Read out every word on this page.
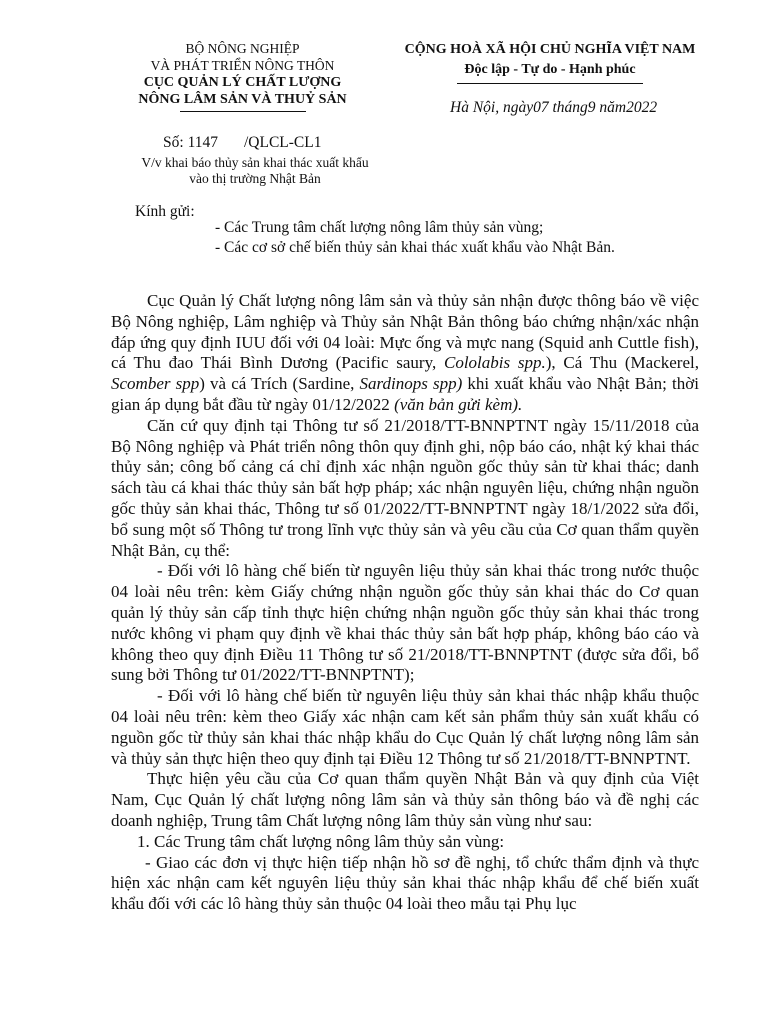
BỘ NÔNG NGHIỆP
VÀ PHÁT TRIỂN NÔNG THÔN
CỤC QUẢN LÝ CHẤT LƯỢNG
NÔNG LÂM SẢN VÀ THUỶ SẢN
CỘNG HOÀ XÃ HỘI CHỦ NGHĨA VIỆT NAM
Độc lập - Tự do - Hạnh phúc
Hà Nội, ngày07 tháng9 năm2022
Số: 1147 /QLCL-CL1
V/v khai báo thủy sản khai thác xuất khẩu
vào thị trường Nhật Bản
Kính gửi:
- Các Trung tâm chất lượng nông lâm thủy sản vùng;
- Các cơ sở chế biến thủy sản khai thác xuất khẩu vào Nhật Bản.

Cục Quản lý Chất lượng nông lâm sản và thủy sản nhận được thông báo về việc Bộ Nông nghiệp, Lâm nghiệp và Thủy sản Nhật Bản thông báo chứng nhận/xác nhận đáp ứng quy định IUU đối với 04 loài: Mực ống và mực nang (Squid anh Cuttle fish), cá Thu đao Thái Bình Dương (Pacific saury, Cololabis spp.), Cá Thu (Mackerel, Scomber spp) và cá Trích (Sardine, Sardinops spp) khi xuất khẩu vào Nhật Bản; thời gian áp dụng bắt đầu từ ngày 01/12/2022 (văn bản gửi kèm).

Căn cứ quy định tại Thông tư số 21/2018/TT-BNNPTNT ngày 15/11/2018 của Bộ Nông nghiệp và Phát triển nông thôn quy định ghi, nộp báo cáo, nhật ký khai thác thủy sản; công bố cảng cá chỉ định xác nhận nguồn gốc thủy sản từ khai thác; danh sách tàu cá khai thác thủy sản bất hợp pháp; xác nhận nguyên liệu, chứng nhận nguồn gốc thủy sản khai thác, Thông tư số 01/2022/TT-BNNPTNT ngày 18/1/2022 sửa đổi, bổ sung một số Thông tư trong lĩnh vực thủy sản và yêu cầu của Cơ quan thẩm quyền Nhật Bản, cụ thể:

- Đối với lô hàng chế biến từ nguyên liệu thủy sản khai thác trong nước thuộc 04 loài nêu trên: kèm Giấy chứng nhận nguồn gốc thủy sản khai thác do Cơ quan quản lý thủy sản cấp tỉnh thực hiện chứng nhận nguồn gốc thủy sản khai thác trong nước không vi phạm quy định về khai thác thủy sản bất hợp pháp, không báo cáo và không theo quy định Điều 11 Thông tư số 21/2018/TT-BNNPTNT (được sửa đổi, bổ sung bởi Thông tư 01/2022/TT-BNNPTNT);

- Đối với lô hàng chế biến từ nguyên liệu thủy sản khai thác nhập khẩu thuộc 04 loài nêu trên: kèm theo Giấy xác nhận cam kết sản phẩm thủy sản xuất khẩu có nguồn gốc từ thủy sản khai thác nhập khẩu do Cục Quản lý chất lượng nông lâm sản và thủy sản thực hiện theo quy định tại Điều 12 Thông tư số 21/2018/TT-BNNPTNT.

Thực hiện yêu cầu của Cơ quan thẩm quyền Nhật Bản và quy định của Việt Nam, Cục Quản lý chất lượng nông lâm sản và thủy sản thông báo và đề nghị các doanh nghiệp, Trung tâm Chất lượng nông lâm thủy sản vùng như sau:

1. Các Trung tâm chất lượng nông lâm thủy sản vùng:

- Giao các đơn vị thực hiện tiếp nhận hồ sơ đề nghị, tổ chức thẩm định và thực hiện xác nhận cam kết nguyên liệu thủy sản khai thác nhập khẩu để chế biến xuất khẩu đối với các lô hàng thủy sản thuộc 04 loài theo mẫu tại Phụ lục
